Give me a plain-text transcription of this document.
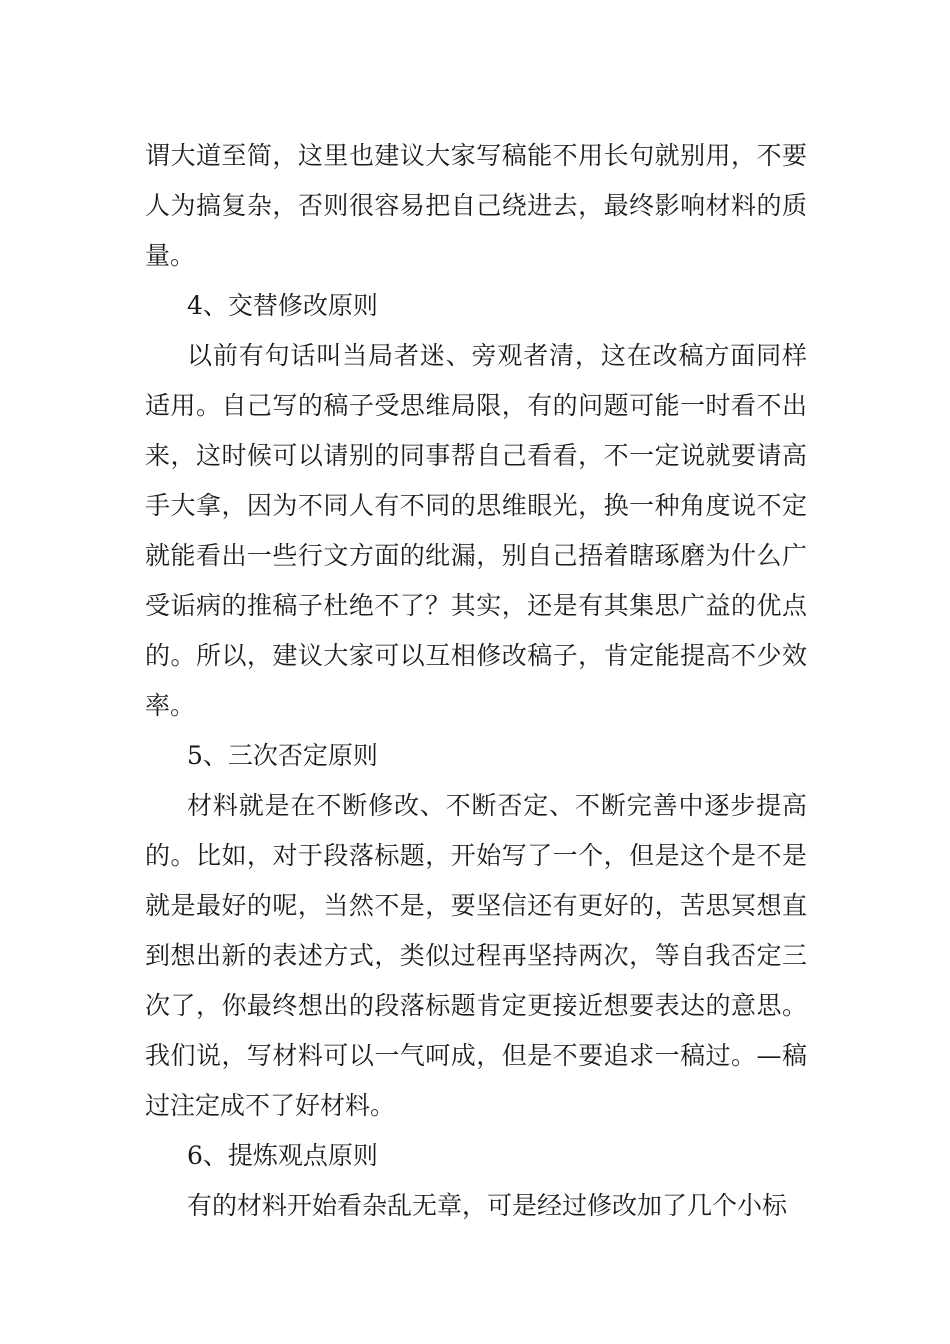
谓大道至简，这里也建议大家写稿能不用长句就别用，不要人为搞复杂，否则很容易把自己绕进去，最终影响材料的质量。

4、交替修改原则

以前有句话叫当局者迷、旁观者清，这在改稿方面同样适用。自己写的稿子受思维局限，有的问题可能一时看不出来，这时候可以请别的同事帮自己看看，不一定说就要请高手大拿，因为不同人有不同的思维眼光，换一种角度说不定就能看出一些行文方面的纰漏，别自己捂着瞎琢磨为什么广受诟病的推稿子杜绝不了？其实，还是有其集思广益的优点的。所以，建议大家可以互相修改稿子，肯定能提高不少效率。

5、三次否定原则

材料就是在不断修改、不断否定、不断完善中逐步提高的。比如，对于段落标题，开始写了一个，但是这个是不是就是最好的呢，当然不是，要坚信还有更好的，苦思冥想直到想出新的表述方式，类似过程再坚持两次，等自我否定三次了，你最终想出的段落标题肯定更接近想要表达的意思。我们说，写材料可以一气呵成，但是不要追求一稿过。—稿过注定成不了好材料。

6、提炼观点原则

有的材料开始看杂乱无章，可是经过修改加了几个小标
